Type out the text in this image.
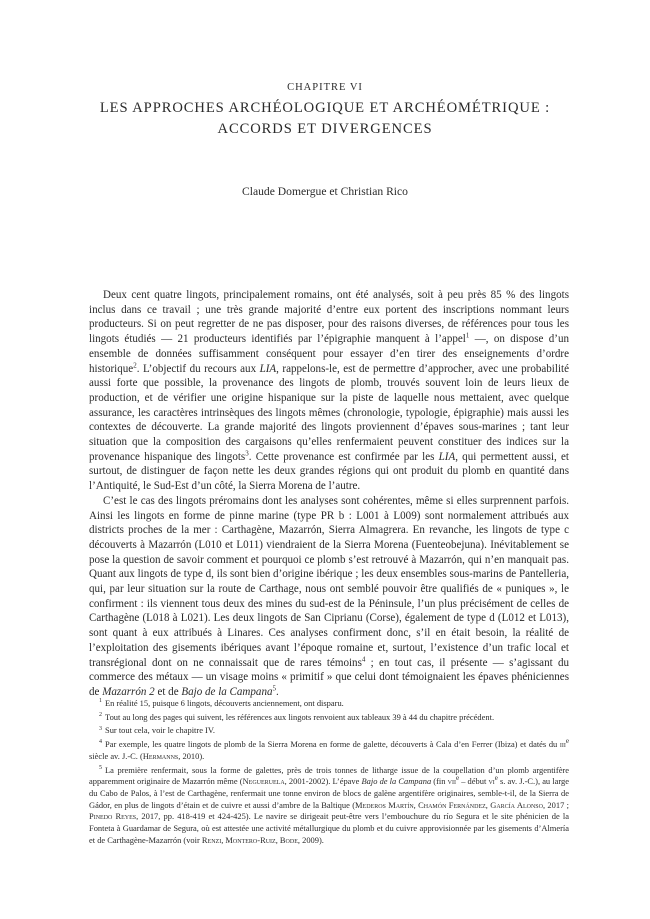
CHAPITRE VI
LES APPROCHES ARCHÉOLOGIQUE ET ARCHÉOMÉTRIQUE :
ACCORDS ET DIVERGENCES
Claude Domergue et Christian Rico

Deux cent quatre lingots, principalement romains, ont été analysés, soit à peu près 85 % des lingots inclus dans ce travail ; une très grande majorité d’entre eux portent des inscriptions nommant leurs producteurs. Si on peut regretter de ne pas disposer, pour des raisons diverses, de références pour tous les lingots étudiés — 21 producteurs identifiés par l’épigraphie manquent à l’appel$^1$ —, on dispose d’un ensemble de données suffisamment conséquent pour essayer d’en tirer des enseignements d’ordre historique$^2$. L’objectif du recours aux LIA, rappelons-le, est de permettre d’approcher, avec une probabilité aussi forte que possible, la provenance des lingots de plomb, trouvés souvent loin de leurs lieux de production, et de vérifier une origine hispanique sur la piste de laquelle nous mettaient, avec quelque assurance, les caractères intrinsèques des lingots mêmes (chronologie, typologie, épigraphie) mais aussi les contextes de découverte. La grande majorité des lingots proviennent d’épaves sous-marines ; tant leur situation que la composition des cargaisons qu’elles renfermaient peuvent constituer des indices sur la provenance hispanique des lingots$^3$. Cette provenance est confirmée par les LIA, qui permettent aussi, et surtout, de distinguer de façon nette les deux grandes régions qui ont produit du plomb en quantité dans l’Antiquité, le Sud-Est d’un côté, la Sierra Morena de l’autre.

C’est le cas des lingots préromains dont les analyses sont cohérentes, même si elles surprennent parfois. Ainsi les lingots en forme de pinne marine (type PR b : L001 à L009) sont normalement attribués aux districts proches de la mer : Carthagène, Mazarrón, Sierra Almagrera. En revanche, les lingots de type c découverts à Mazarrón (L010 et L011) viendraient de la Sierra Morena (Fuenteobejuna). Inévitablement se pose la question de savoir comment et pourquoi ce plomb s’est retrouvé à Mazarrón, qui n’en manquait pas. Quant aux lingots de type d, ils sont bien d’origine ibérique ; les deux ensembles sous-marins de Pantelleria, qui, par leur situation sur la route de Carthage, nous ont semblé pouvoir être qualifiés de « puniques », le confirment : ils viennent tous deux des mines du sud-est de la Péninsule, l’un plus précisément de celles de Carthagène (L018 à L021). Les deux lingots de San Ciprianu (Corse), également de type d (L012 et L013), sont quant à eux attribués à Linares. Ces analyses confirment donc, s’il en était besoin, la réalité de l’exploitation des gisements ibériques avant l’époque romaine et, surtout, l’existence d’un trafic local et transrégional dont on ne connaissait que de rares témoins$^4$ ; en tout cas, il présente — s’agissant du commerce des métaux — un visage moins « primitif » que celui dont témoignaient les épaves phéniciennes de Mazarrón 2 et de Bajo de la Campana$^5$.

$^1$ En réalité 15, puisque 6 lingots, découverts anciennement, ont disparu.

$^2$ Tout au long des pages qui suivent, les références aux lingots renvoient aux tableaux 39 à 44 du chapitre précédent.

$^3$ Sur tout cela, voir le chapitre IV.

$^4$ Par exemple, les quatre lingots de plomb de la Sierra Morena en forme de galette, découverts à Cala d’en Ferrer (Ibiza) et datés du iii$^e$ siècle av. J.-C. (Hermanns, 2010).

$^5$ La première renfermait, sous la forme de galettes, près de trois tonnes de litharge issue de la coupellation d’un plomb argentifère apparemment originaire de Mazarrón même (Negueruela, 2001-2002). L’épave Bajo de la Campana (fin vii$^e$ – début $vi^e$ s. av. J.-C.), au large du Cabo de Palos, à l’est de Carthagène, renfermait une tonne environ de blocs de galène argentifère originaires, semble-t-il, de la Sierra de Gádor, en plus de lingots d’étain et de cuivre et aussi d’ambre de la Baltique (Mederos Martín, Chamón Fernández, García Alonso, 2017 ; Pinedo Reyes, 2017, pp. 418-419 et 424-425). Le navire se dirigeait peut-être vers l’embouchure du río Segura et le site phénicien de la Fonteta à Guardamar de Segura, où est attestée une activité métallurgique du plomb et du cuivre approvisionnée par les gisements d’Almería et de Carthagène-Mazarrón (voir Renzi, Montero-Ruiz, Bode, 2009).
